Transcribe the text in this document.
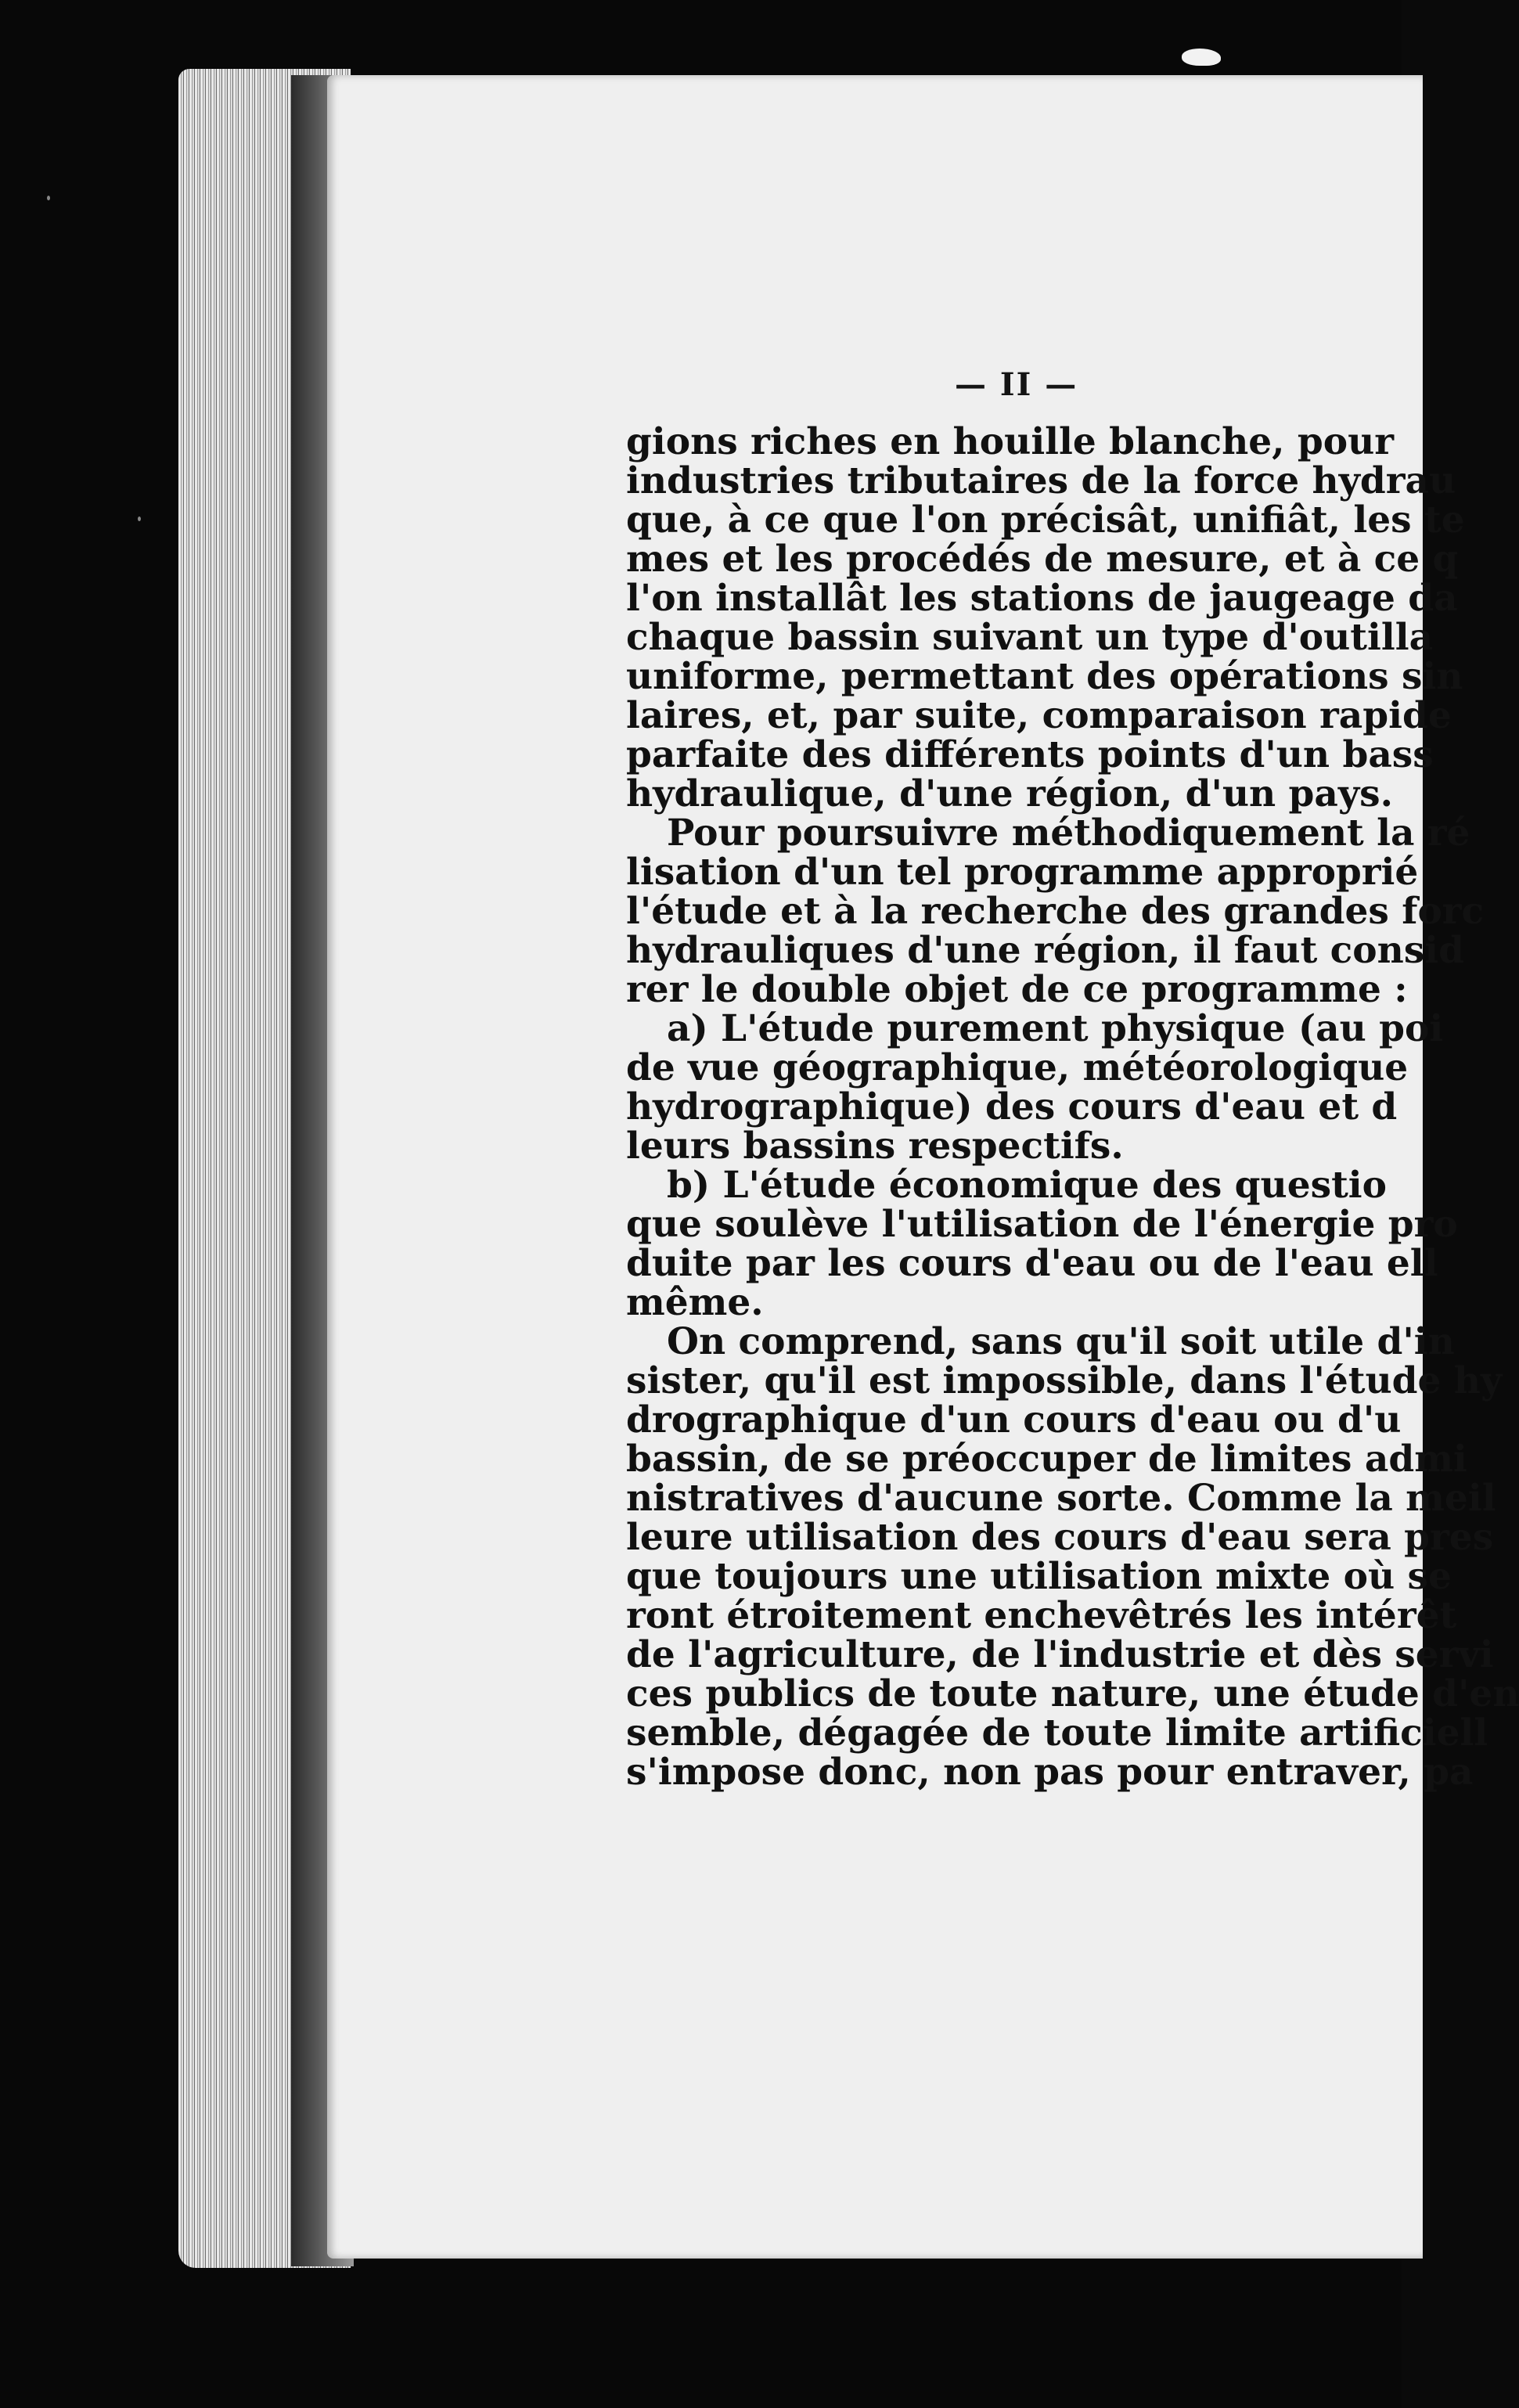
— II —
gions riches en houille blanche, pour
industries tributaires de la force hydrau
que, à ce que l'on précisât, unifiât, les te
mes et les procédés de mesure, et à ce q
l'on installât les stations de jaugeage da
chaque bassin suivant un type d'outilla
uniforme, permettant des opérations sin
laires, et, par suite, comparaison rapide
parfaite des différents points d'un bass
hydraulique, d'une région, d'un pays.
Pour poursuivre méthodiquement la ré
lisation d'un tel programme approprié
l'étude et à la recherche des grandes forc
hydrauliques d'une région, il faut consid
rer le double objet de ce programme :
a) L'étude purement physique (au poi
de vue géographique, météorologique
hydrographique) des cours d'eau et d
leurs bassins respectifs.
b) L'étude économique des questio
que soulève l'utilisation de l'énergie pro
duite par les cours d'eau ou de l'eau ell
même.
On comprend, sans qu'il soit utile d'in
sister, qu'il est impossible, dans l'étude hy
drographique d'un cours d'eau ou d'u
bassin, de se préoccuper de limites admi
nistratives d'aucune sorte. Comme la meil
leure utilisation des cours d'eau sera pres
que toujours une utilisation mixte où se
ront étroitement enchevêtrés les intérêt
de l'agriculture, de l'industrie et dès servi
ces publics de toute nature, une étude d'en
semble, dégagée de toute limite artificiell
s'impose donc, non pas pour entraver, pa
